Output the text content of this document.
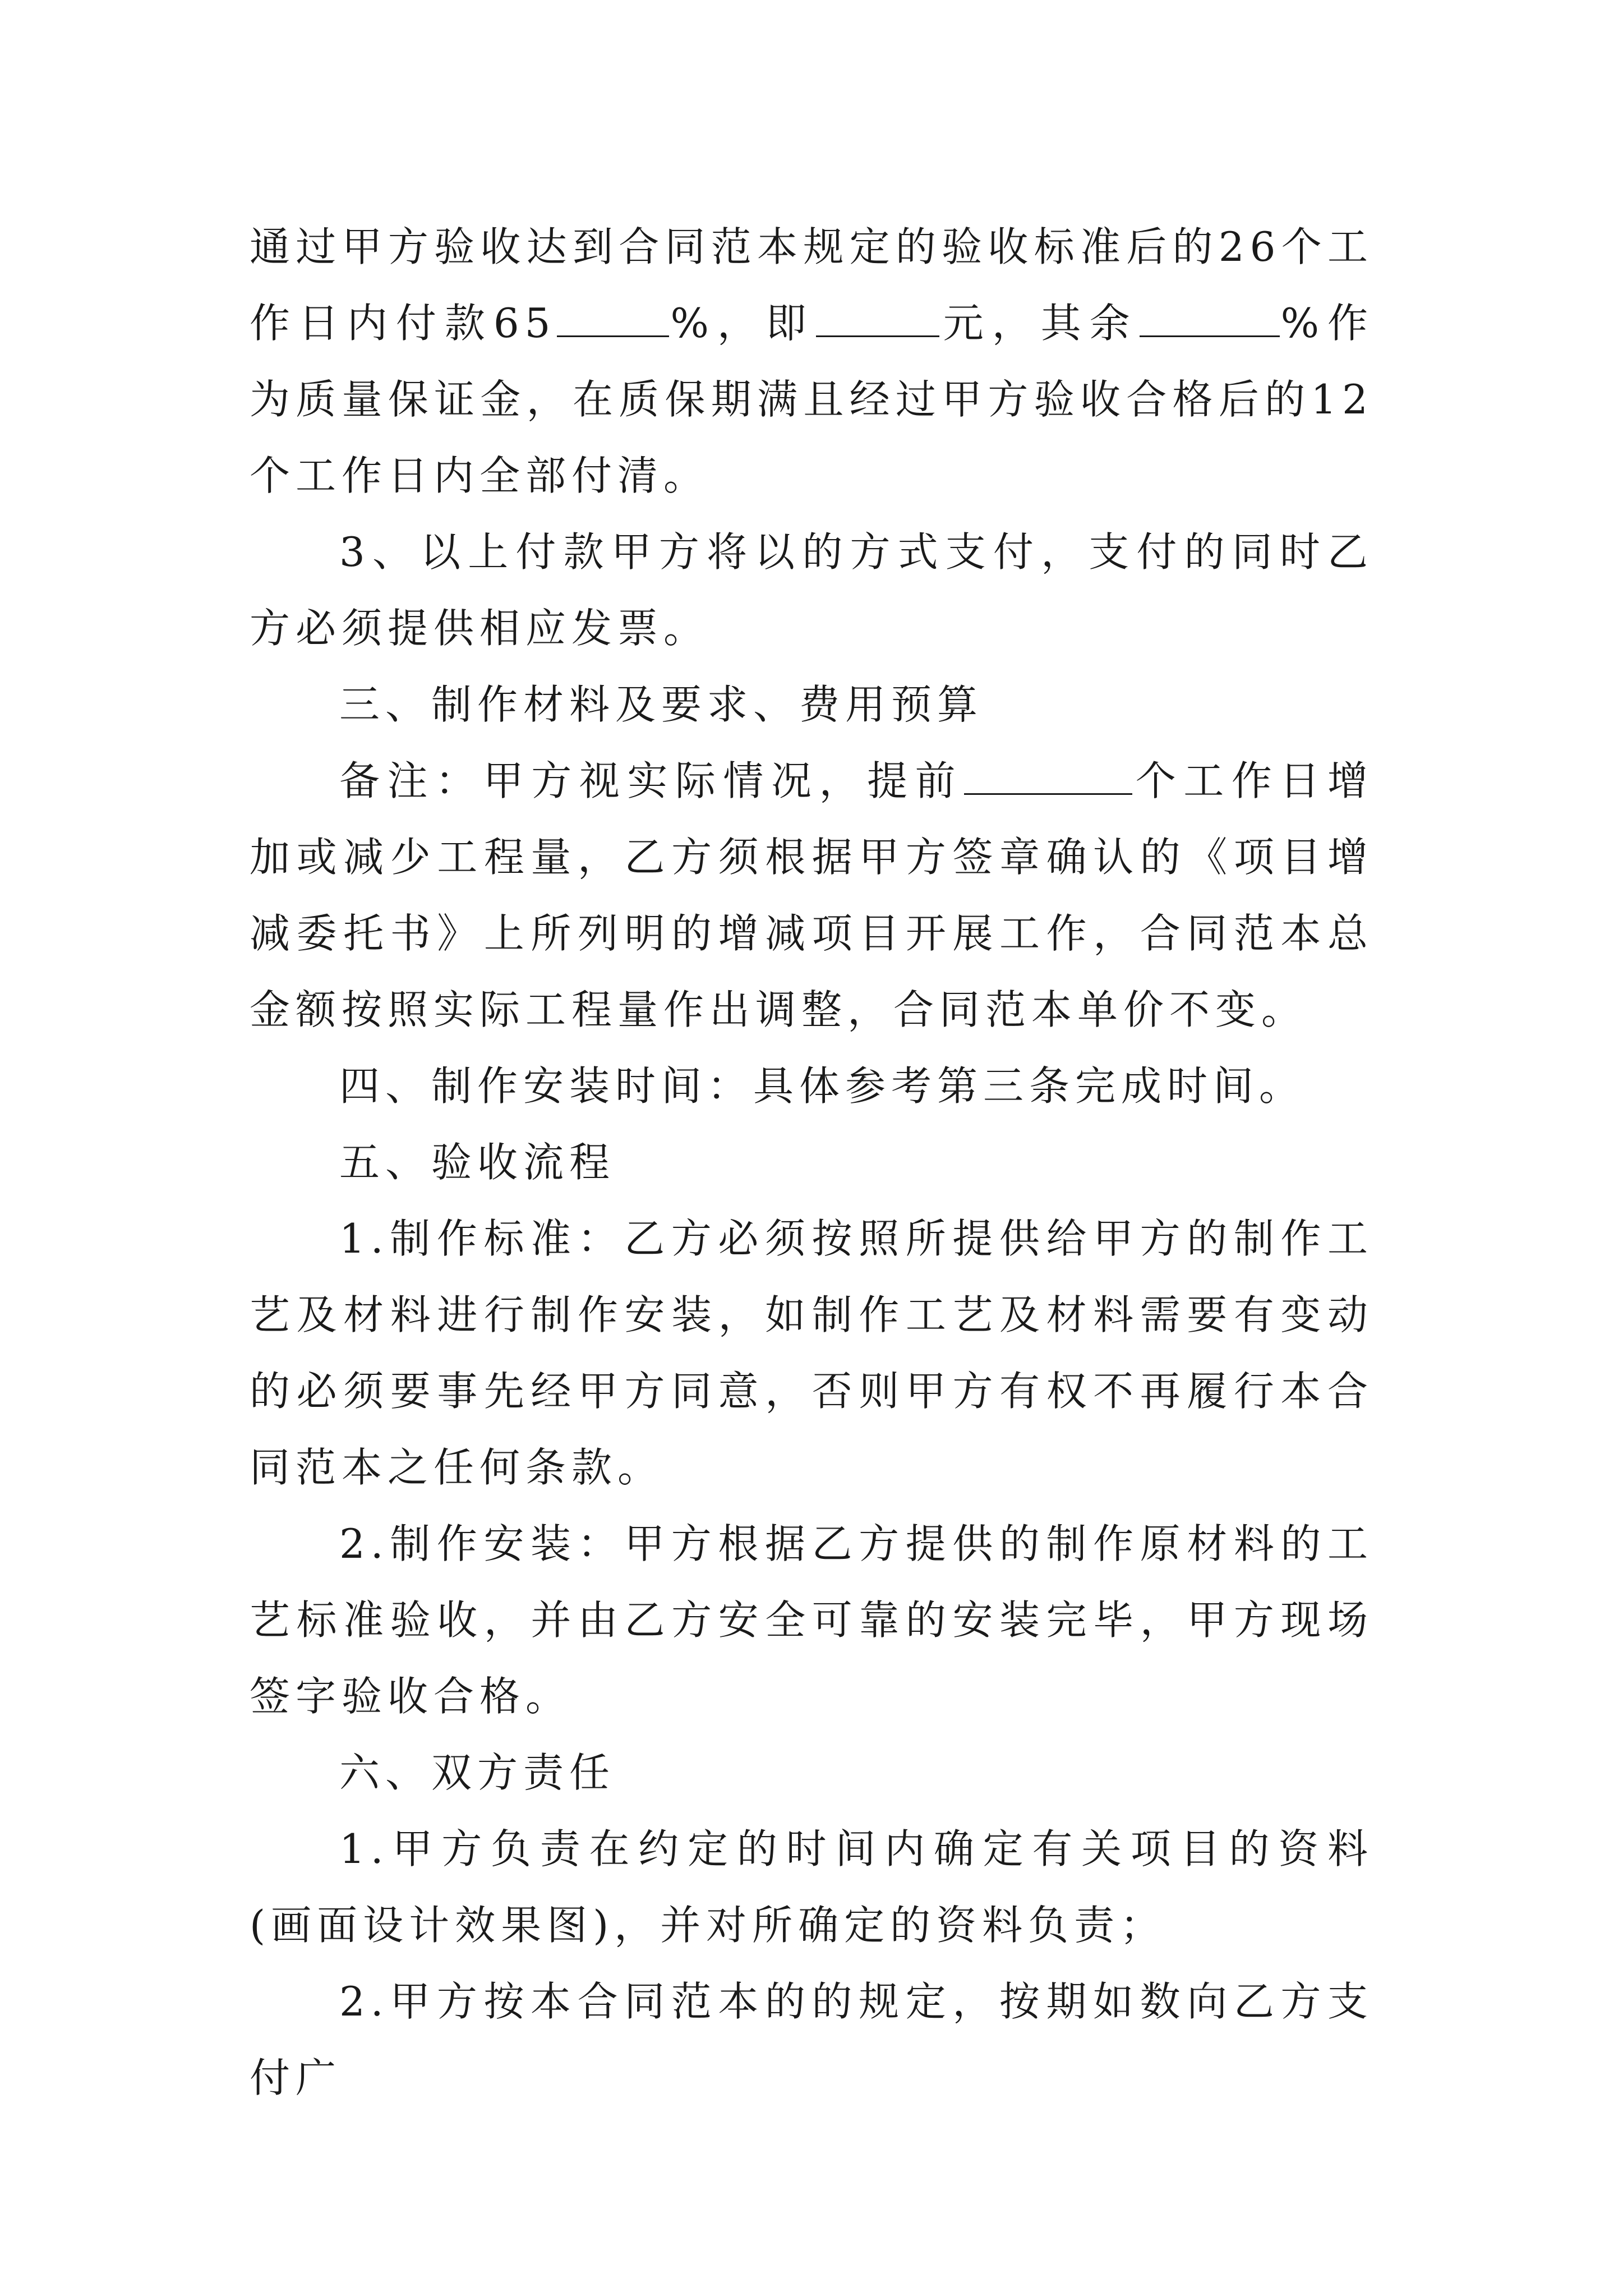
通过甲方验收达到合同范本规定的验收标准后的26个工作日内付款65	%，即	元，其余	%作为质量保证金，在质保期满且经过甲方验收合格后的12个工作日内全部付清。

3、以上付款甲方将以的方式支付，支付的同时乙方必须提供相应发票。

三、制作材料及要求、费用预算

备注：甲方视实际情况，提前	个工作日增加或减少工程量，乙方须根据甲方签章确认的《项目增减委托书》上所列明的增减项目开展工作，合同范本总金额按照实际工程量作出调整，合同范本单价不变。

四、制作安装时间：具体参考第三条完成时间。

五、验收流程

1.制作标准：乙方必须按照所提供给甲方的制作工艺及材料进行制作安装，如制作工艺及材料需要有变动的必须要事先经甲方同意，否则甲方有权不再履行本合同范本之任何条款。

2.制作安装：甲方根据乙方提供的制作原材料的工艺标准验收，并由乙方安全可靠的安装完毕，甲方现场签字验收合格。

六、双方责任

1.甲方负责在约定的时间内确定有关项目的资料(画面设计效果图)，并对所确定的资料负责；

2.甲方按本合同范本的的规定，按期如数向乙方支付广
